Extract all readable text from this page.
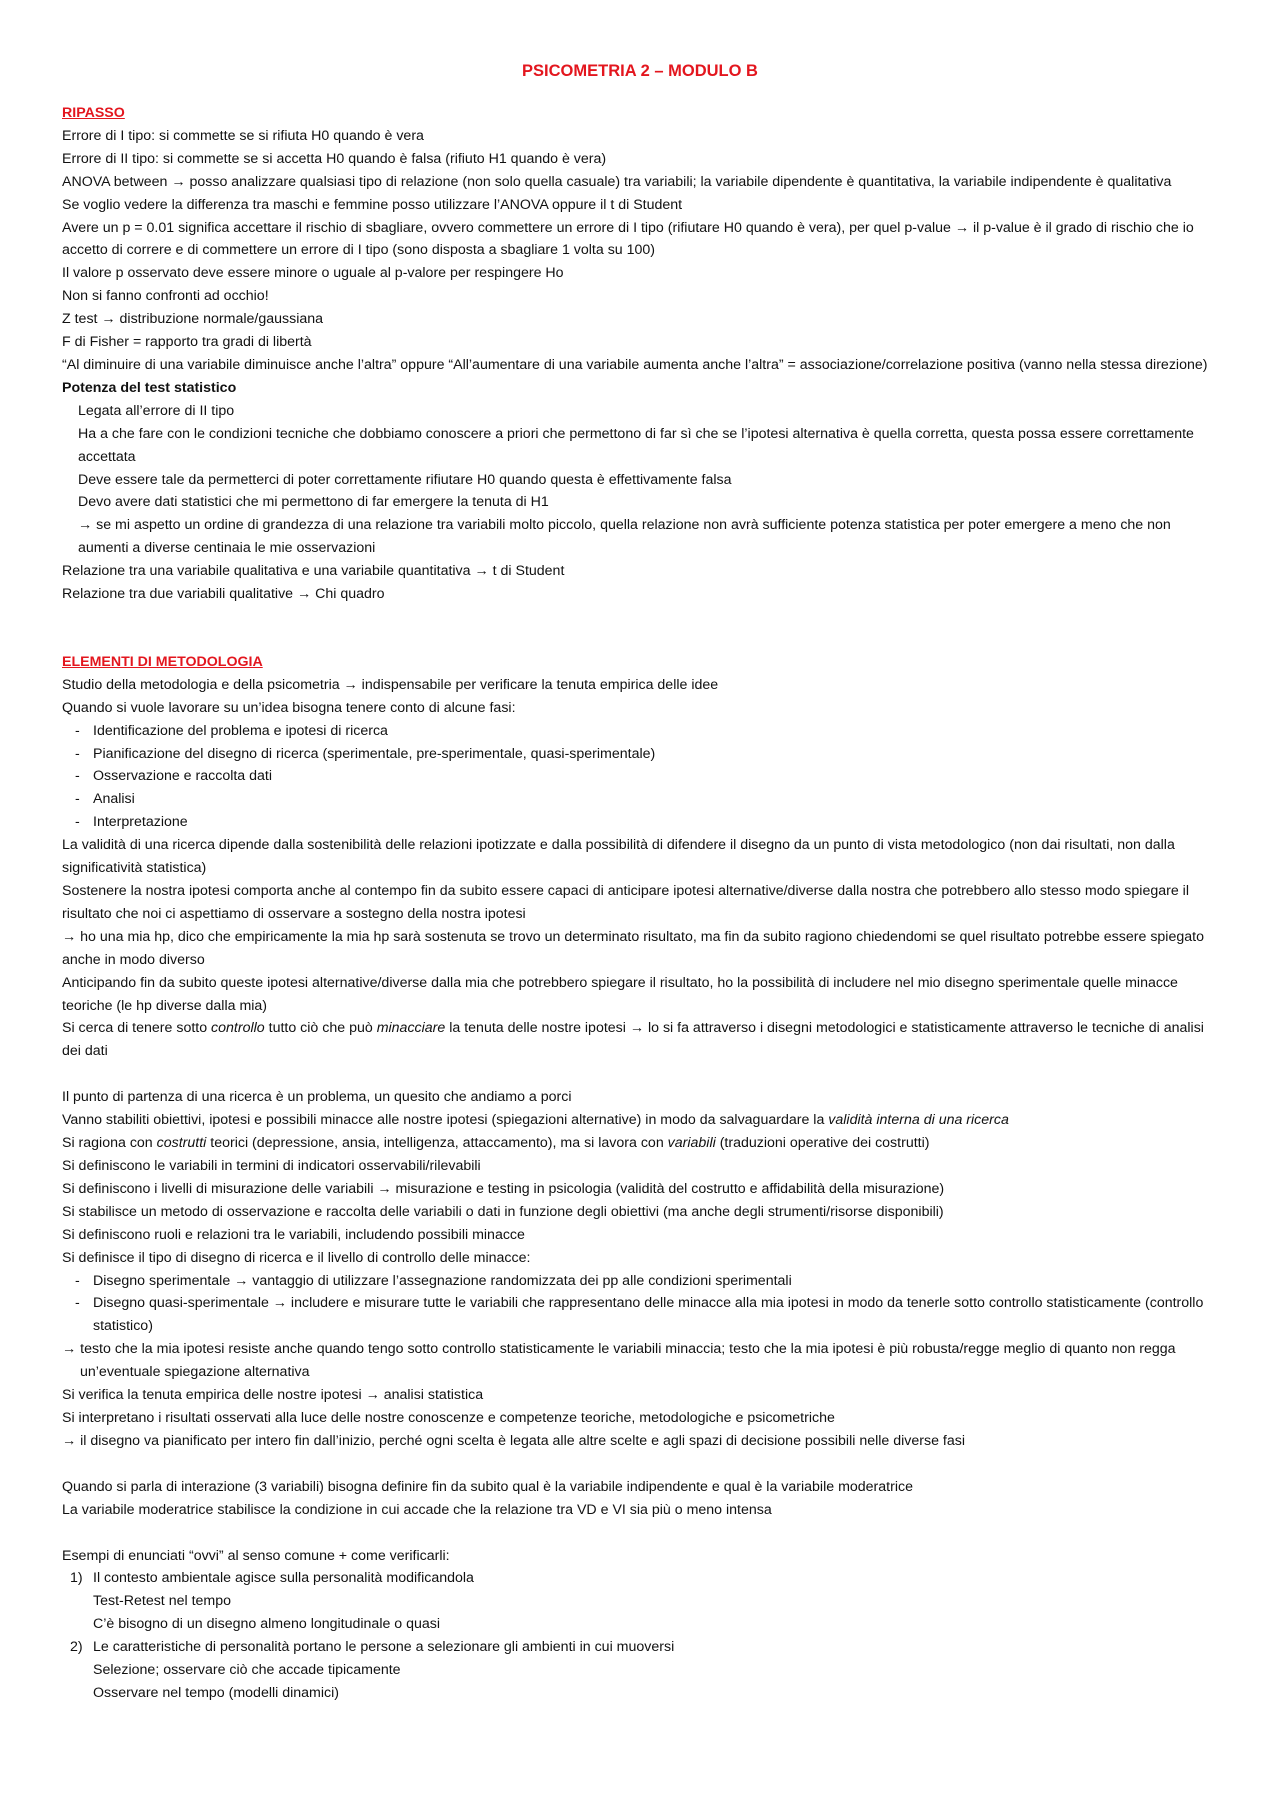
PSICOMETRIA 2 – MODULO B
RIPASSO
Errore di I tipo: si commette se si rifiuta H0 quando è vera
Errore di II tipo: si commette se si accetta H0 quando è falsa (rifiuto H1 quando è vera)
ANOVA between → posso analizzare qualsiasi tipo di relazione (non solo quella casuale) tra variabili; la variabile dipendente è quantitativa, la variabile indipendente è qualitativa
Se voglio vedere la differenza tra maschi e femmine posso utilizzare l’ANOVA oppure il t di Student
Avere un p = 0.01 significa accettare il rischio di sbagliare, ovvero commettere un errore di I tipo (rifiutare H0 quando è vera), per quel p-value → il p-value è il grado di rischio che io accetto di correre e di commettere un errore di I tipo (sono disposta a sbagliare 1 volta su 100)
Il valore p osservato deve essere minore o uguale al p-valore per respingere Ho
Non si fanno confronti ad occhio!
Z test → distribuzione normale/gaussiana
F di Fisher = rapporto tra gradi di libertà
“Al diminuire di una variabile diminuisce anche l’altra” oppure “All’aumentare di una variabile aumenta anche l’altra” = associazione/correlazione positiva (vanno nella stessa direzione)
Potenza del test statistico
Legata all’errore di II tipo
Ha a che fare con le condizioni tecniche che dobbiamo conoscere a priori che permettono di far sì che se l’ipotesi alternativa è quella corretta, questa possa essere correttamente accettata
Deve essere tale da permetterci di poter correttamente rifiutare H0 quando questa è effettivamente falsa
Devo avere dati statistici che mi permettono di far emergere la tenuta di H1
→ se mi aspetto un ordine di grandezza di una relazione tra variabili molto piccolo, quella relazione non avrà sufficiente potenza statistica per poter emergere a meno che non aumenti a diverse centinaia le mie osservazioni
Relazione tra una variabile qualitativa e una variabile quantitativa → t di Student
Relazione tra due variabili qualitative → Chi quadro
ELEMENTI DI METODOLOGIA
Studio della metodologia e della psicometria → indispensabile per verificare la tenuta empirica delle idee
Quando si vuole lavorare su un’idea bisogna tenere conto di alcune fasi:
- Identificazione del problema e ipotesi di ricerca
- Pianificazione del disegno di ricerca (sperimentale, pre-sperimentale, quasi-sperimentale)
- Osservazione e raccolta dati
- Analisi
- Interpretazione
La validità di una ricerca dipende dalla sostenibilità delle relazioni ipotizzate e dalla possibilità di difendere il disegno da un punto di vista metodologico (non dai risultati, non dalla significatività statistica)
Sostenere la nostra ipotesi comporta anche al contempo fin da subito essere capaci di anticipare ipotesi alternative/diverse dalla nostra che potrebbero allo stesso modo spiegare il risultato che noi ci aspettiamo di osservare a sostegno della nostra ipotesi
→ ho una mia hp, dico che empiricamente la mia hp sarà sostenuta se trovo un determinato risultato, ma fin da subito ragiono chiedendomi se quel risultato potrebbe essere spiegato anche in modo diverso
Anticipando fin da subito queste ipotesi alternative/diverse dalla mia che potrebbero spiegare il risultato, ho la possibilità di includere nel mio disegno sperimentale quelle minacce teoriche (le hp diverse dalla mia)
Si cerca di tenere sotto controllo tutto ciò che può minacciare la tenuta delle nostre ipotesi → lo si fa attraverso i disegni metodologici e statisticamente attraverso le tecniche di analisi dei dati
Il punto di partenza di una ricerca è un problema, un quesito che andiamo a porci
Vanno stabiliti obiettivi, ipotesi e possibili minacce alle nostre ipotesi (spiegazioni alternative) in modo da salvaguardare la validità interna di una ricerca
Si ragiona con costrutti teorici (depressione, ansia, intelligenza, attaccamento), ma si lavora con variabili (traduzioni operative dei costrutti)
Si definiscono le variabili in termini di indicatori osservabili/rilevabili
Si definiscono i livelli di misurazione delle variabili → misurazione e testing in psicologia (validità del costrutto e affidabilità della misurazione)
Si stabilisce un metodo di osservazione e raccolta delle variabili o dati in funzione degli obiettivi (ma anche degli strumenti/risorse disponibili)
Si definiscono ruoli e relazioni tra le variabili, includendo possibili minacce
Si definisce il tipo di disegno di ricerca e il livello di controllo delle minacce:
- Disegno sperimentale → vantaggio di utilizzare l’assegnazione randomizzata dei pp alle condizioni sperimentali
- Disegno quasi-sperimentale → includere e misurare tutte le variabili che rappresentano delle minacce alla mia ipotesi in modo da tenerle sotto controllo statisticamente (controllo statistico)
→ testo che la mia ipotesi resiste anche quando tengo sotto controllo statisticamente le variabili minaccia; testo che la mia ipotesi è più robusta/regge meglio di quanto non regga un’eventuale spiegazione alternativa
Si verifica la tenuta empirica delle nostre ipotesi → analisi statistica
Si interpretano i risultati osservati alla luce delle nostre conoscenze e competenze teoriche, metodologiche e psicometriche
→ il disegno va pianificato per intero fin dall’inizio, perché ogni scelta è legata alle altre scelte e agli spazi di decisione possibili nelle diverse fasi
Quando si parla di interazione (3 variabili) bisogna definire fin da subito qual è la variabile indipendente e qual è la variabile moderatrice
La variabile moderatrice stabilisce la condizione in cui accade che la relazione tra VD e VI sia più o meno intensa
Esempi di enunciati “ovvi” al senso comune + come verificarli:
1) Il contesto ambientale agisce sulla personalità modificandola
Test-Retest nel tempo
C’è bisogno di un disegno almeno longitudinale o quasi
2) Le caratteristiche di personalità portano le persone a selezionare gli ambienti in cui muoversi
Selezione; osservare ciò che accade tipicamente
Osservare nel tempo (modelli dinamici)
